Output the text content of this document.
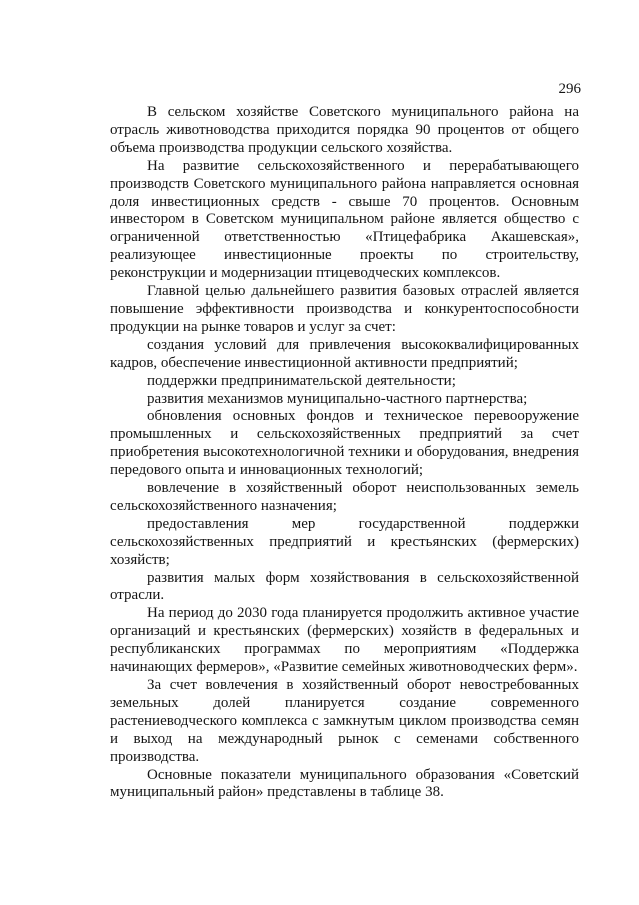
296

В сельском хозяйстве Советского муниципального района на отрасль животноводства приходится порядка 90 процентов от общего объема производства продукции сельского хозяйства.

На развитие сельскохозяйственного и перерабатывающего производств Советского муниципального района направляется основная доля инвестиционных средств - свыше 70 процентов. Основным инвестором в Советском муниципальном районе является общество с ограниченной ответственностью «Птицефабрика Акашевская», реализующее инвестиционные проекты по строительству, реконструкции и модернизации птицеводческих комплексов.

Главной целью дальнейшего развития базовых отраслей является повышение эффективности производства и конкурентоспособности продукции на рынке товаров и услуг за счет:

создания условий для привлечения высококвалифицированных кадров, обеспечение инвестиционной активности предприятий;

поддержки предпринимательской деятельности;

развития механизмов муниципально-частного партнерства;

обновления основных фондов и техническое перевооружение промышленных и сельскохозяйственных предприятий за счет приобретения высокотехнологичной техники и оборудования, внедрения передового опыта и инновационных технологий;

вовлечение в хозяйственный оборот неиспользованных земель сельскохозяйственного назначения;

предоставления мер государственной поддержки сельскохозяйственных предприятий и крестьянских (фермерских) хозяйств;

развития малых форм хозяйствования в сельскохозяйственной отрасли.

На период до 2030 года планируется продолжить активное участие организаций и крестьянских (фермерских) хозяйств в федеральных и республиканских программах по мероприятиям «Поддержка начинающих фермеров», «Развитие семейных животноводческих ферм».

За счет вовлечения в хозяйственный оборот невостребованных земельных долей планируется создание современного растениеводческого комплекса с замкнутым циклом производства семян и выход на международный рынок с семенами собственного производства.

Основные показатели муниципального образования «Советский муниципальный район» представлены в таблице 38.
